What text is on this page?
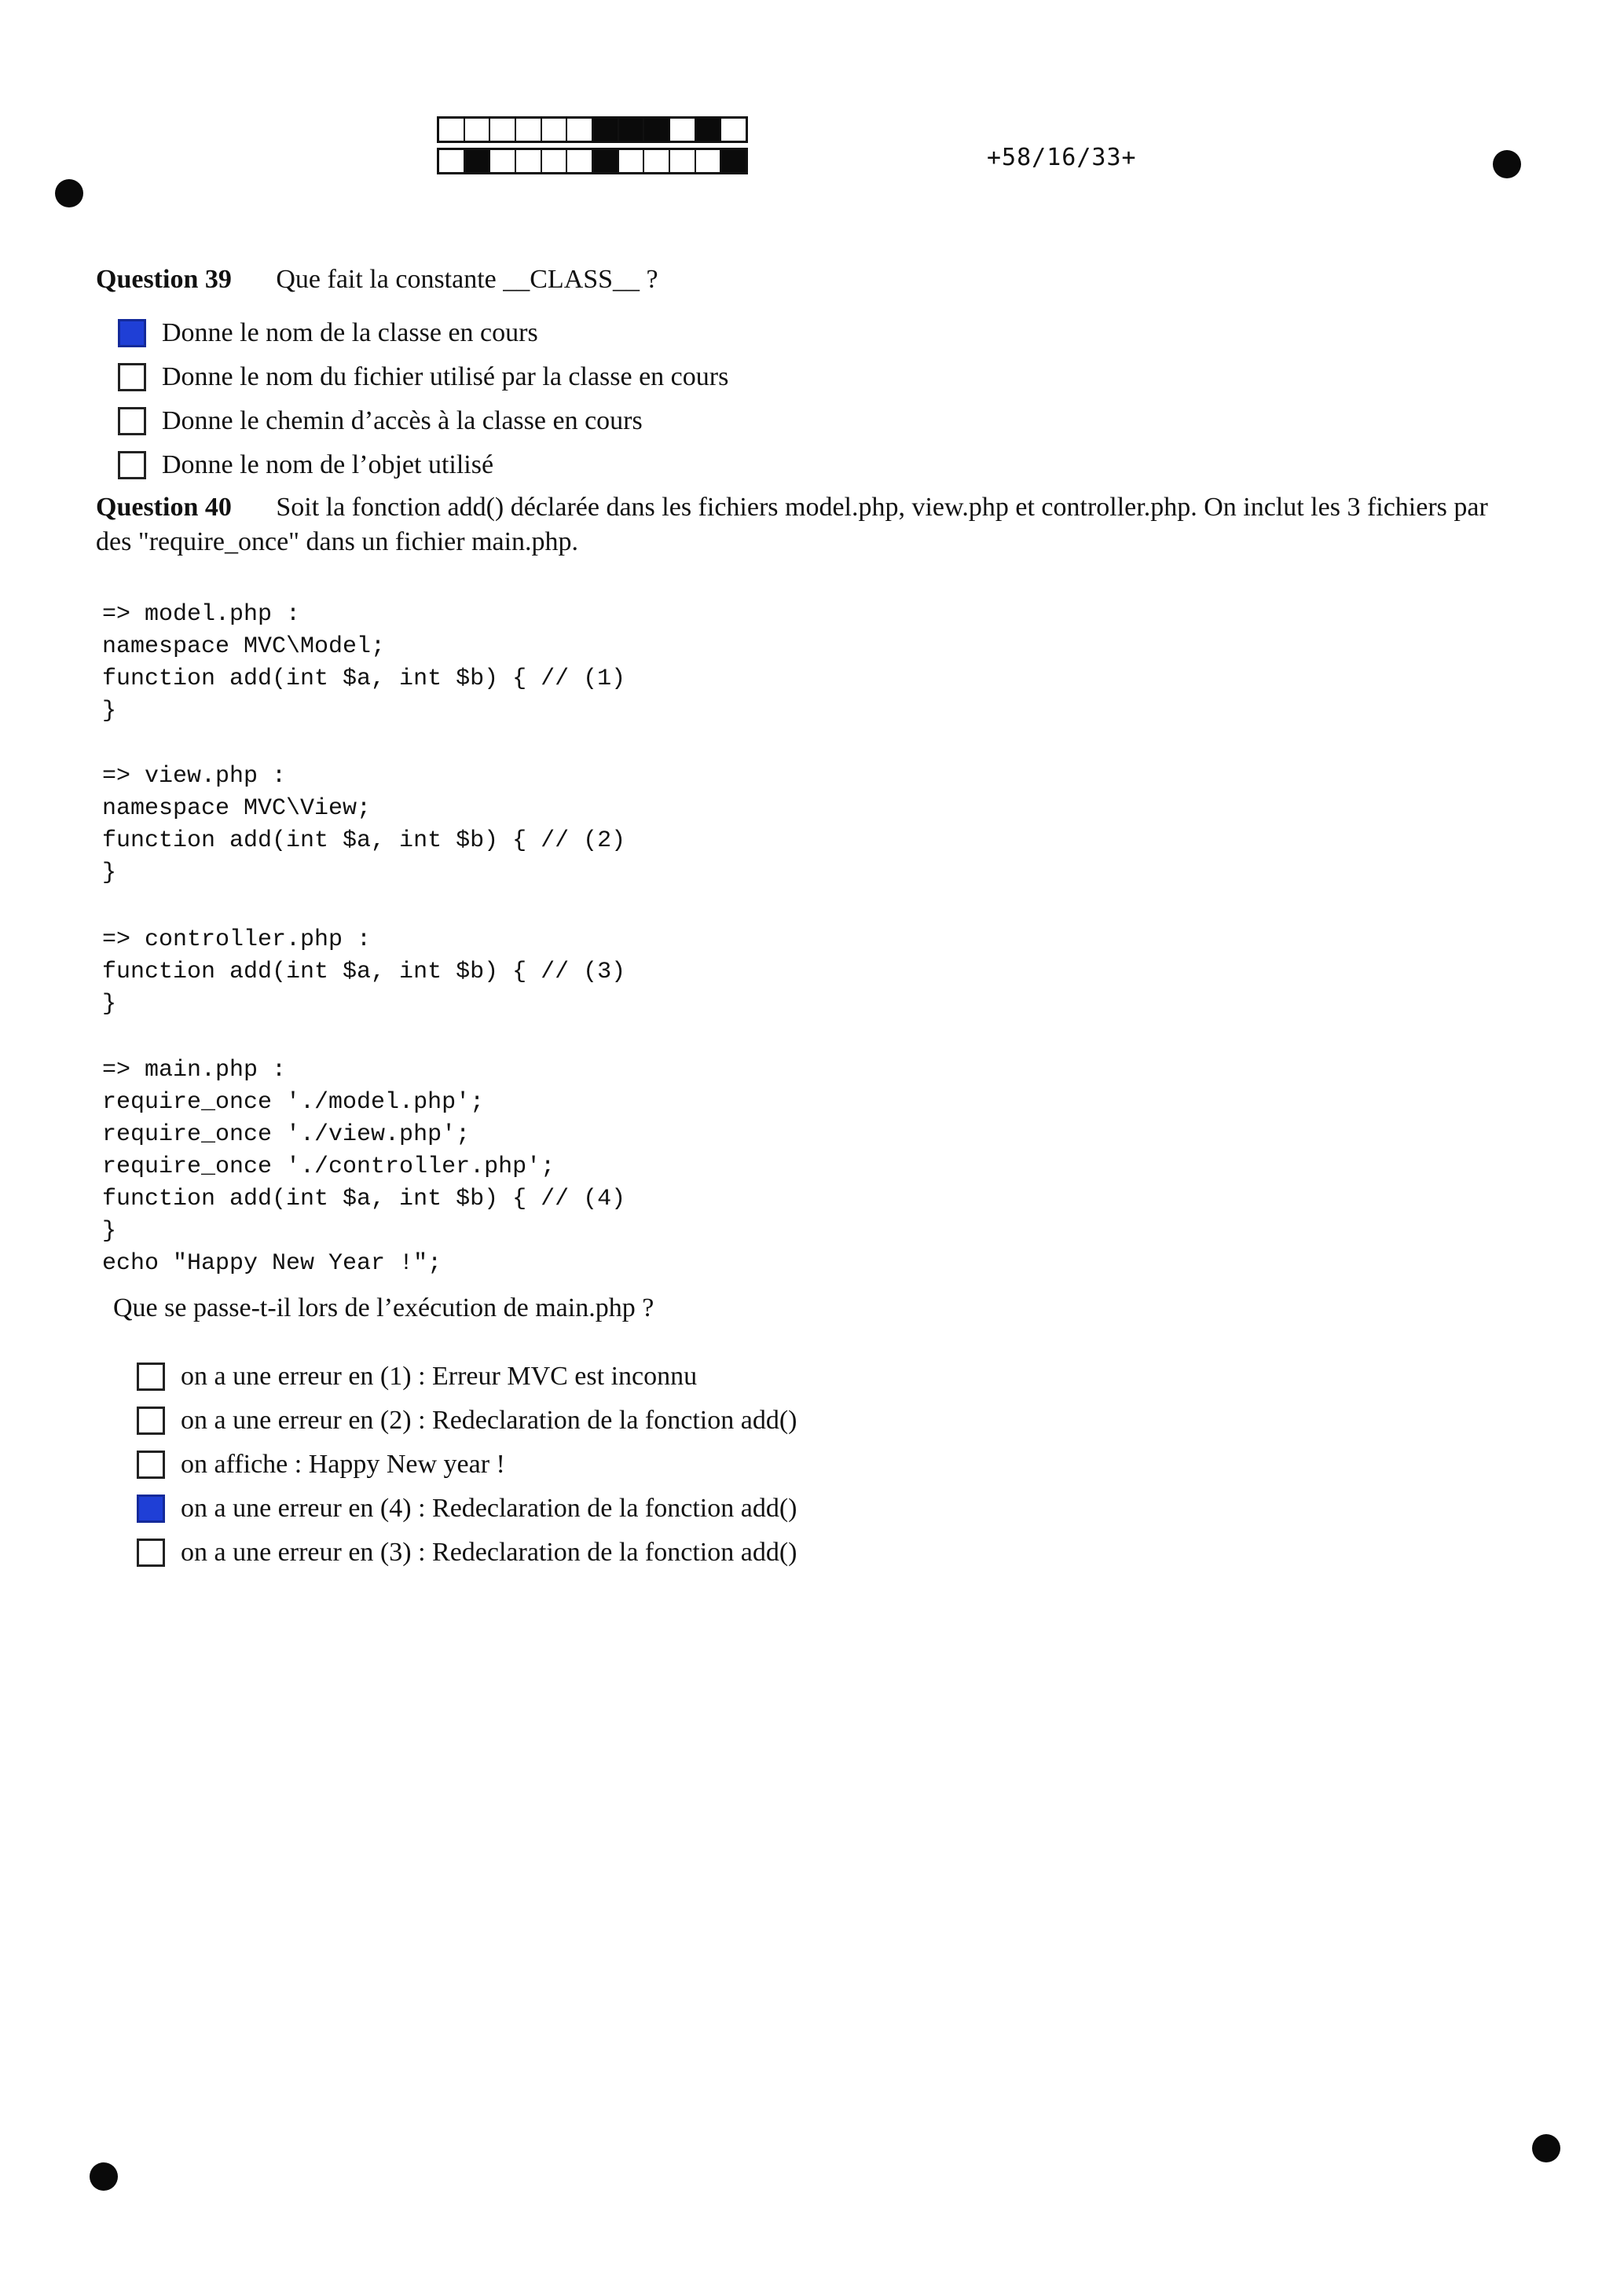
+58/16/33+
Question 39 Que fait la constante __CLASS__ ?
Donne le nom de la classe en cours
Donne le nom du fichier utilisé par la classe en cours
Donne le chemin d’accès à la classe en cours
Donne le nom de l’objet utilisé
Question 40 Soit la fonction add() déclarée dans les fichiers model.php, view.php et controller.php. On inclut les 3 fichiers par des "require_once" dans un fichier main.php.
=> model.php :
namespace MVC\Model;
function add(int $a, int $b) { // (1)
}
=> view.php :
namespace MVC\View;
function add(int $a, int $b) { // (2)
}
=> controller.php :
function add(int $a, int $b) { // (3)
}
=> main.php :
require_once './model.php';
require_once './view.php';
require_once './controller.php';
function add(int $a, int $b) { // (4)
}
echo "Happy New Year !";
Que se passe-t-il lors de l’exécution de main.php ?
on a une erreur en (1) : Erreur MVC est inconnu
on a une erreur en (2) : Redeclaration de la fonction add()
on affiche : Happy New year !
on a une erreur en (4) : Redeclaration de la fonction add()
on a une erreur en (3) : Redeclaration de la fonction add()
